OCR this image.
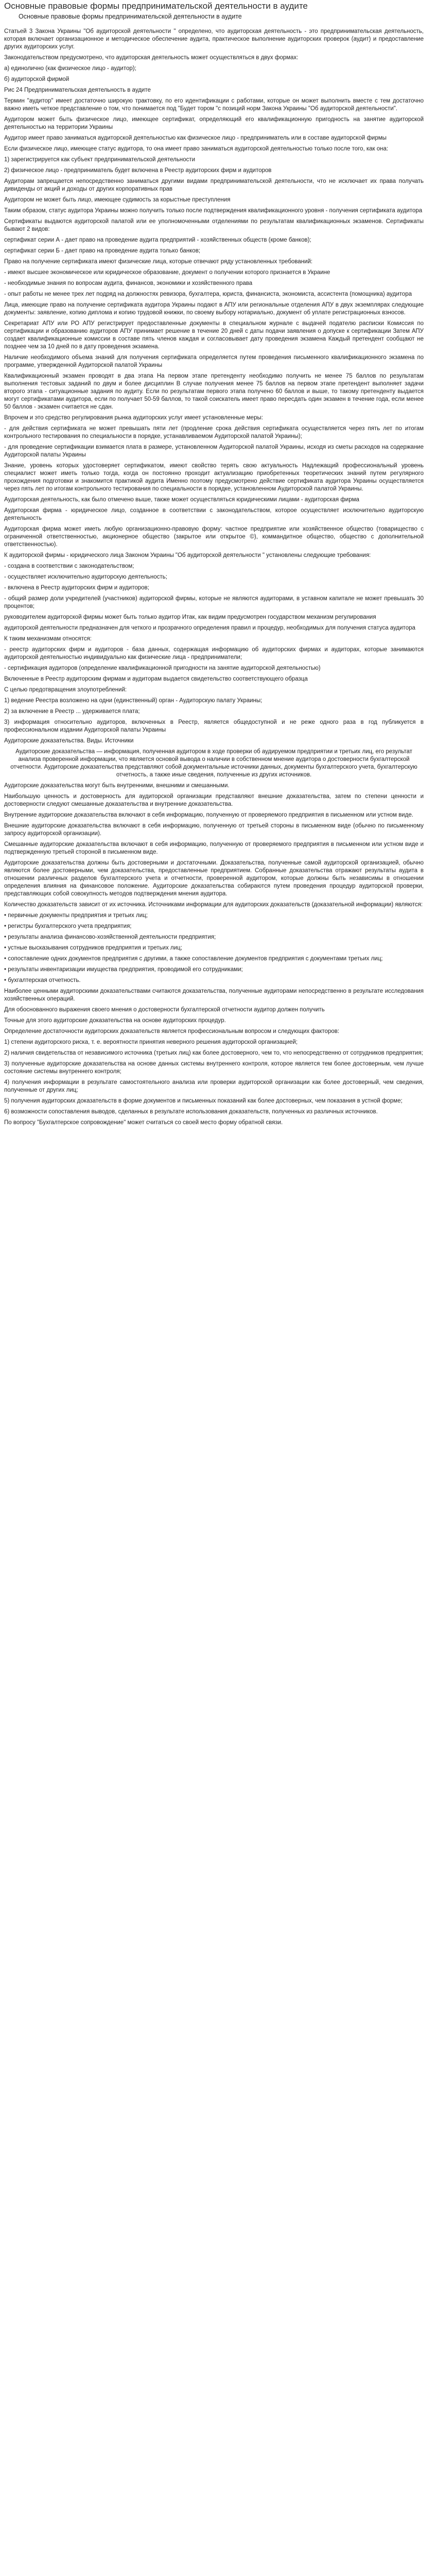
Основные правовые формы предпринимательской деятельности в аудите
Основные правовые формы предпринимательской деятельности в аудите

Статьей 3 Закона Украины "Об аудиторской деятельности " определено, что аудиторская деятельность - это предпринимательская деятельность, которая включает организационное и методическое обеспечение аудита, практическое выполнение аудиторских проверок (аудит) и предоставление других аудиторских услуг.

Законодательством предусмотрено, что аудиторская деятельность может осуществляться в двух формах:

а) единолично (как физическое лицо - аудитор);

б) аудиторской фирмой

Рис 24 Предпринимательская деятельность в аудите

Термин "аудитор" имеет достаточно широкую трактовку, по его идентификации с работами, которые он может выполнить вместе с тем достаточно важно иметь четкое представление о том, что понимается под "Будет тором "с позиций норм Закона Украины "Об аудиторской деятельности".

Аудитором может быть физическое лицо, имеющее сертификат, определяющий его квалификационную пригодность на занятие аудиторской деятельностью на территории Украины

Аудитор имеет право заниматься аудиторской деятельностью как физическое лицо - предприниматель или в составе аудиторской фирмы

Если физическое лицо, имеющее статус аудитора, то она имеет право заниматься аудиторской деятельностью только после того, как она:

1) зарегистрируется как субъект предпринимательской деятельности

2) физическое лицо - предприниматель будет включена в Реестр аудиторских фирм и аудиторов

Аудиторам запрещается непосредственно заниматься другими видами предпринимательской деятельности, что не исключает их права получать дивиденды от акций и доходы от других корпоративных прав

Аудитором не может быть лицо, имеющее судимость за корыстные преступления

Таким образом, статус аудитора Украины можно получить только после подтверждения квалификационного уровня - получения сертификата аудитора

Сертификаты выдаются аудиторской палатой или ее уполномоченными отделениями по результатам квалификационных экзаменов. Сертификаты бывают 2 видов:

сертификат серии А - дает право на проведение аудита предприятий - хозяйственных обществ (кроме банков);

сертификат серии Б - дает право на проведение аудита только банков;

Право на получение сертификата имеют физические лица, которые отвечают ряду установленных требований:

- имеют высшее экономическое или юридическое образование, документ о получении которого признается в Украине

- необходимые знания по вопросам аудита, финансов, экономики и хозяйственного права

- опыт работы не менее трех лет подряд на должностях ревизора, бухгалтера, юриста, финансиста, экономиста, ассистента (помощника) аудитора

Лица, имеющие право на получение сертификата аудитора Украины подают в АПУ или региональные отделения АПУ в двух экземплярах следующие документы: заявление, копию диплома и копию трудовой книжки, по своему выбору нотариально, документ об уплате регистрационных взносов.

Секретариат АПУ или РО АПУ регистрирует предоставленные документы в специальном журнале с выдачей подателю расписки Комиссия по сертификации и образованию аудиторов АПУ принимает решение в течение 20 дней с даты подачи заявления о допуске к сертификации Затем АПУ создает квалификационные комиссии в составе пять членов каждая и согласовывает дату проведения экзамена Каждый претендент сообщают не позднее чем за 10 дней по в дату проведения экзамена.

Наличие необходимого объема знаний для получения сертификата определяется путем проведения письменного квалификационного экзамена по программе, утвержденной Аудиторской палатой Украины

Квалификационный экзамен проводят в два этапа На первом этапе претенденту необходимо получить не менее 75 баллов по результатам выполнения тестовых заданий по двум и более дисциплин В случае получения менее 75 баллов на первом этапе претендент выполняет задачи второго этапа - ситуационные задания по аудиту. Если по результатам первого этапа получено 60 баллов и выше, то такому претенденту выдается могут сертификатами аудитора, если по получает 50-59 баллов, то такой соискатель имеет право пересдать один экзамен в течение года, если менее 50 баллов - экзамен считается не сдан.

Впрочем и это средство регулирования рынка аудиторских услуг имеет установленные меры:

- для действия сертификата не может превышать пяти лет (продление срока действия сертификата осуществляется через пять лет по итогам контрольного тестирования по специальности в порядке, устанавливаемом Аудиторской палатой Украины);

- для проведение сертификации взимается плата в размере, установленном Аудиторской палатой Украины, исходя из сметы расходов на содержание Аудиторской палаты Украины

Знание, уровень которых удостоверяет сертификатом, имеют свойство терять свою актуальность Надлежащий профессиональный уровень специалист может иметь только тогда, когда он постоянно проходит актуализацию приобретенных теоретических знаний путем регулярного прохождения подготовки и знакомится практикой аудита Именно поэтому предусмотрено действие сертификата аудитора Украины осуществляется через пять лет по итогам контрольного тестирования по специальности в порядке, установленном Аудиторской палатой Украины.

Аудиторская деятельность, как было отмечено выше, также может осуществляться юридическими лицами - аудиторская фирма

Аудиторская фирма - юридическое лицо, созданное в соответствии с законодательством, которое осуществляет исключительно аудиторскую деятельность

Аудиторская фирма может иметь любую организационно-правовую форму: частное предприятие или хозяйственное общество (товарищество с ограниченной ответственностью, акционерное общество (закрытое или открытое ©), коммандитное общество, общество с дополнительной ответственностью).

К аудиторской фирмы - юридического лица Законом Украины "Об аудиторской деятельности " установлены следующие требования:

- создана в соответствии с законодательством;

- осуществляет исключительно аудиторскую деятельность;

- включена в Реестр аудиторских фирм и аудиторов;

- общий размер доли учредителей (участников) аудиторской фирмы, которые не являются аудиторами, в уставном капитале не может превышать 30 процентов;

руководителем аудиторской фирмы может быть только аудитор Итак, как видим предусмотрен государством механизм регулирования

аудиторской деятельности предназначен для четкого и прозрачного определения правил и процедур, необходимых для получения статуса аудитора

К таким механизмам относятся:

- реестр аудиторских фирм и аудиторов - база данных, содержащая информацию об аудиторских фирмах и аудиторах, которые занимаются аудиторской деятельностью индивидуально как физические лица - предприниматели;

- сертификация аудиторов (определение квалификационной пригодности на занятие аудиторской деятельностью)

Включенные в Реестр аудиторским фирмам и аудиторам выдается свидетельство соответствующего образца

С целью предотвращения злоупотреблений:

1) ведение Реестра возложено на одни (единственный) орган - Аудиторскую палату Украины;

2) за включение в Реестр ... удерживается плата;

3) информация относительно аудиторов, включенных в Реестр, является общедоступной и не реже одного раза в год публикуется в профессиональном издании Аудиторской палаты Украины

Аудиторские доказательства. Виды. Источники

Аудиторские доказательства — информация, полученная аудитором в ходе проверки об аудируемом предприятии и третьих лиц, его результат анализа проверенной информации, что является основой вывода о наличии в собственном мнение аудитора о достоверности бухгалтерской отчетности. Аудиторские доказательства представляют собой документальные источники данных, документы бухгалтерского учета, бухгалтерскую отчетность, а также иные сведения, полученные из других источников.

Аудиторские доказательства могут быть внутренними, внешними и смешанными.

Наибольшую ценность и достоверность для аудиторской организации представляют внешние доказательства, затем по степени ценности и достоверности следуют смешанные доказательства и внутренние доказательства.

Внутренние аудиторские доказательства включают в себя информацию, полученную от проверяемого предприятия в письменном или устном виде.

Внешние аудиторские доказательства включают в себя информацию, полученную от третьей стороны в письменном виде (обычно по письменному запросу аудиторской организации).

Смешанные аудиторские доказательства включают в себя информацию, полученную от проверяемого предприятия в письменном или устном виде и подтвержденную третьей стороной в письменном виде.

Аудиторские доказательства должны быть достоверными и достаточными. Доказательства, полученные самой аудиторской организацией, обычно являются более достоверными, чем доказательства, предоставленные предприятием. Собранные доказательства отражают результаты аудита в отношении различных разделов бухгалтерского учета и отчетности, проверенной аудитором, которые должны быть независимы в отношении определения влияния на финансовое положение. Аудиторские доказательства собираются путем проведения процедур аудиторской проверки, представляющих собой совокупность методов подтверждения мнения аудитора.

Количество доказательств зависит от их источника. Источниками информации для аудиторских доказательств (доказательной информации) являются:

• первичные документы предприятия и третьих лиц;

• регистры бухгалтерского учета предприятия;

• результаты анализа финансово-хозяйственной деятельности предприятия;

• устные высказывания сотрудников предприятия и третьих лиц;

• сопоставление одних документов предприятия с другими, а также сопоставление документов предприятия с документами третьих лиц;

• результаты инвентаризации имущества предприятия, проводимой его сотрудниками;

• бухгалтерская отчетность.

Наиболее ценными аудиторскими доказательствами считаются доказательства, полученные аудиторами непосредственно в результате исследования хозяйственных операций.

Для обоснованного выражения своего мнения о достоверности бухгалтерской отчетности аудитор должен получить

Точные для этого аудиторские доказательства на основе аудиторских процедур.

Определение достаточности аудиторских доказательств является профессиональным вопросом и следующих факторов:

1) степени аудиторского риска, т. е. вероятности принятия неверного решения аудиторской организацией;

2) наличия свидетельства от независимого источника (третьих лиц) как более достоверного, чем то, что непосредственно от сотрудников предприятия;

3) полученные аудиторские доказательства на основе данных системы внутреннего контроля, которое является тем более достоверным, чем лучше состояние системы внутреннего контроля;

4) получения информации в результате самостоятельного анализа или проверки аудиторской организации как более достоверный, чем сведения, полученные от других лиц;

5) получения аудиторских доказательств в форме документов и письменных показаний как более достоверных, чем показания в устной форме;

6) возможности сопоставления выводов, сделанных в результате использования доказательств, полученных из различных источников.

По вопросу "Бухгалтерское сопровождение" может считаться со своей место форму обратной связи.
